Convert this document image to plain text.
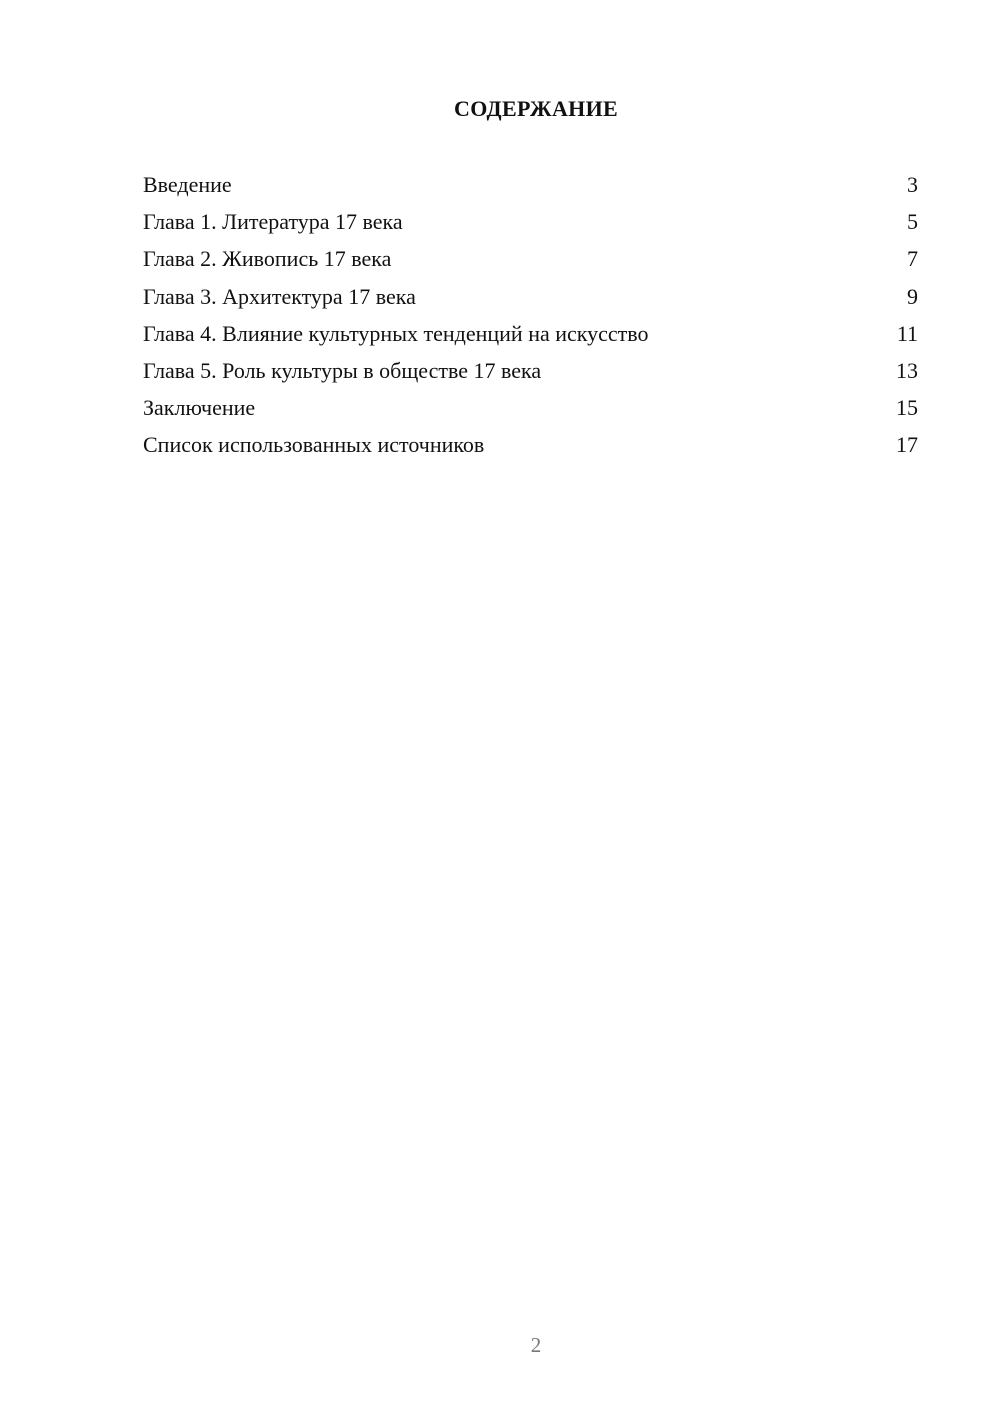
СОДЕРЖАНИЕ
Введение	3
Глава 1. Литература 17 века	5
Глава 2. Живопись 17 века	7
Глава 3. Архитектура 17 века	9
Глава 4. Влияние культурных тенденций на искусство	11
Глава 5. Роль культуры в обществе 17 века	13
Заключение	15
Список использованных источников	17
2
